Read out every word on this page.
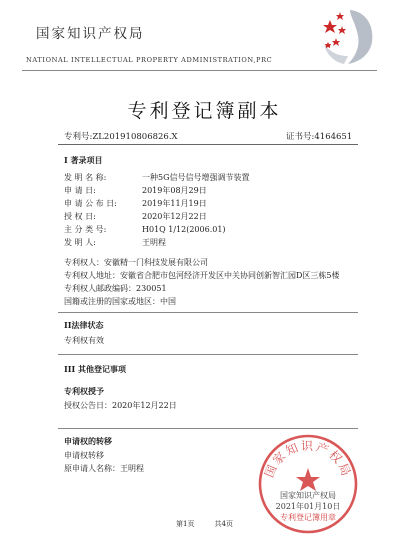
国家知识产权局
NATIONAL INTELLECTUAL PROPERTY ADMINISTRATION,PRC
专利登记簿副本
专利号:ZL201910806826.X	证书号:4164651
I 著录项目
发 明 名 称:	一种5G信号信号增强调节装置
申 请 日:	2019年08月29日
申 请 公 布 日:	2019年11月19日
授 权 日:	2020年12月22日
主 分 类 号:	H01Q 1/12(2006.01)
发 明 人:	王明程
专利权人：安徽精一门科技发展有限公司
专利权人地址：安徽省合肥市包河经济开发区中关协同创新智汇园D区三栋5楼
专利权人邮政编码：230051
国籍或注册的国家或地区：中国
II法律状态
专利权有效
III 其他登记事项
专利权授予
授权公告日：2020年12月22日
申请权的转移
申请权转移
原申请人名称：王明程	国家知识产权局
国家知识产权局
2021年01月10日
专利登记簿用章
第1页	共4页
